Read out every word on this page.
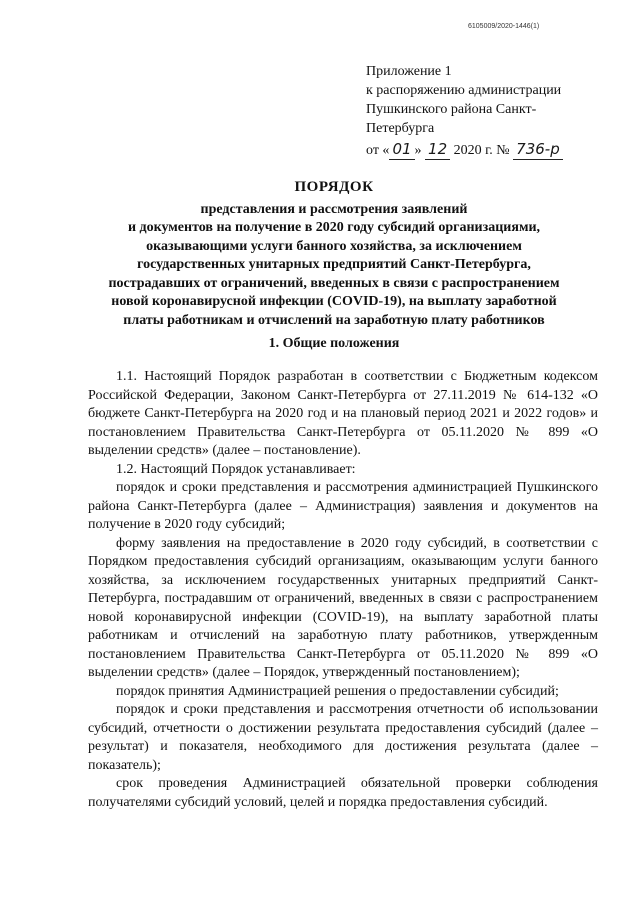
6105009/2020-1446(1)
Приложение 1
к распоряжению администрации
Пушкинского района Санкт-
Петербурга
от « 01 » 12 2020 г. № 736-р
ПОРЯДОК
представления и рассмотрения заявлений
и документов на получение в 2020 году субсидий организациями,
оказывающими услуги банного хозяйства, за исключением
государственных унитарных предприятий Санкт-Петербурга,
пострадавших от ограничений, введенных в связи с распространением
новой коронавирусной инфекции (COVID-19), на выплату заработной
платы работникам и отчислений на заработную плату работников
1. Общие положения

1.1. Настоящий Порядок разработан в соответствии с Бюджетным кодексом Российской Федерации, Законом Санкт-Петербурга от 27.11.2019 № 614-132 «О бюджете Санкт-Петербурга на 2020 год и на плановый период 2021 и 2022 годов» и постановлением Правительства Санкт-Петербурга от 05.11.2020 № 899 «О выделении средств» (далее – постановление).

1.2. Настоящий Порядок устанавливает:

порядок и сроки представления и рассмотрения администрацией Пушкинского района Санкт-Петербурга (далее – Администрация) заявления и документов на получение в 2020 году субсидий;

форму заявления на предоставление в 2020 году субсидий, в соответствии с Порядком предоставления субсидий организациям, оказывающим услуги банного хозяйства, за исключением государственных унитарных предприятий Санкт-Петербурга, пострадавшим от ограничений, введенных в связи с распространением новой коронавирусной инфекции (COVID-19), на выплату заработной платы работникам и отчислений на заработную плату работников, утвержденным постановлением Правительства Санкт-Петербурга от 05.11.2020 № 899 «О выделении средств» (далее – Порядок, утвержденный постановлением);

порядок принятия Администрацией решения о предоставлении субсидий;

порядок и сроки представления и рассмотрения отчетности об использовании субсидий, отчетности о достижении результата предоставления субсидий (далее – результат) и показателя, необходимого для достижения результата (далее – показатель);

срок проведения Администрацией обязательной проверки соблюдения получателями субсидий условий, целей и порядка предоставления субсидий.
